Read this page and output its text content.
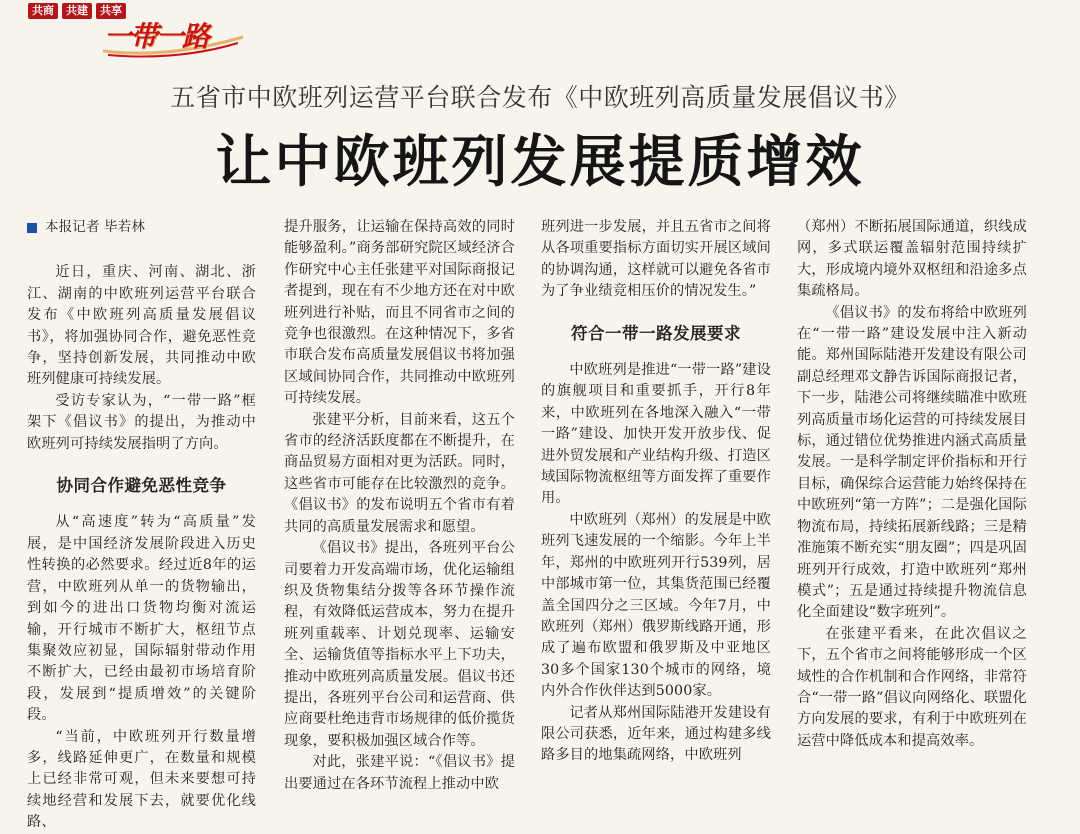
共商	共建	共享
一带一路
五省市中欧班列运营平台联合发布《中欧班列高质量发展倡议书》
让中欧班列发展提质增效
本报记者 毕若林

近日，重庆、河南、湖北、浙江、湖南的中欧班列运营平台联合发布《中欧班列高质量发展倡议书》，将加强协同合作，避免恶性竞争，坚持创新发展，共同推动中欧班列健康可持续发展。

受访专家认为，“一带一路”框架下《倡议书》的提出，为推动中欧班列可持续发展指明了方向。

协同合作避免恶性竞争

从“高速度”转为“高质量”发展，是中国经济发展阶段进入历史性转换的必然要求。经过近8年的运营，中欧班列从单一的货物输出，到如今的进出口货物均衡对流运输，开行城市不断扩大，枢纽节点集聚效应初显，国际辐射带动作用不断扩大，已经由最初市场培育阶段，发展到“提质增效”的关键阶段。

“当前，中欧班列开行数量增多，线路延伸更广，在数量和规模上已经非常可观，但未来要想可持续地经营和发展下去，就要优化线路、

提升服务，让运输在保持高效的同时能够盈利。”商务部研究院区域经济合作研究中心主任张建平对国际商报记者提到，现在有不少地方还在对中欧班列进行补贴，而且不同省市之间的竞争也很激烈。在这种情况下，多省市联合发布高质量发展倡议书将加强区域间协同合作，共同推动中欧班列可持续发展。

张建平分析，目前来看，这五个省市的经济活跃度都在不断提升，在商品贸易方面相对更为活跃。同时，这些省市可能存在比较激烈的竞争。《倡议书》的发布说明五个省市有着共同的高质量发展需求和愿望。

《倡议书》提出，各班列平台公司要着力开发高端市场，优化运输组织及货物集结分拨等各环节操作流程，有效降低运营成本，努力在提升班列重载率、计划兑现率、运输安全、运输货值等指标水平上下功夫，推动中欧班列高质量发展。倡议书还提出，各班列平台公司和运营商、供应商要杜绝违背市场规律的低价揽货现象，要积极加强区域合作等。

对此，张建平说：“《倡议书》提出要通过在各环节流程上推动中欧

班列进一步发展，并且五省市之间将从各项重要指标方面切实开展区域间的协调沟通，这样就可以避免各省市为了争业绩竞相压价的情况发生。”

符合一带一路发展要求

中欧班列是推进“一带一路”建设的旗舰项目和重要抓手，开行8年来，中欧班列在各地深入融入“一带一路”建设、加快开发开放步伐、促进外贸发展和产业结构升级、打造区域国际物流枢纽等方面发挥了重要作用。

中欧班列（郑州）的发展是中欧班列飞速发展的一个缩影。今年上半年，郑州的中欧班列开行539列，居中部城市第一位，其集货范围已经覆盖全国四分之三区域。今年7月，中欧班列（郑州）俄罗斯线路开通，形成了遍布欧盟和俄罗斯及中亚地区30多个国家130个城市的网络，境内外合作伙伴达到5000家。

记者从郑州国际陆港开发建设有限公司获悉，近年来，通过构建多线路多目的地集疏网络，中欧班列

（郑州）不断拓展国际通道，织线成网，多式联运覆盖辐射范围持续扩大，形成境内境外双枢纽和沿途多点集疏格局。

《倡议书》的发布将给中欧班列在“一带一路”建设发展中注入新动能。郑州国际陆港开发建设有限公司副总经理邓文静告诉国际商报记者，下一步，陆港公司将继续瞄准中欧班列高质量市场化运营的可持续发展目标，通过错位优势推进内涵式高质量发展。一是科学制定评价指标和开行目标，确保综合运营能力始终保持在中欧班列“第一方阵”；二是强化国际物流布局，持续拓展新线路；三是精准施策不断充实“朋友圈”；四是巩固班列开行成效，打造中欧班列“郑州模式”；五是通过持续提升物流信息化全面建设“数字班列”。

在张建平看来，在此次倡议之下，五个省市之间将能够形成一个区域性的合作机制和合作网络，非常符合“一带一路”倡议向网络化、联盟化方向发展的要求，有利于中欧班列在运营中降低成本和提高效率。
